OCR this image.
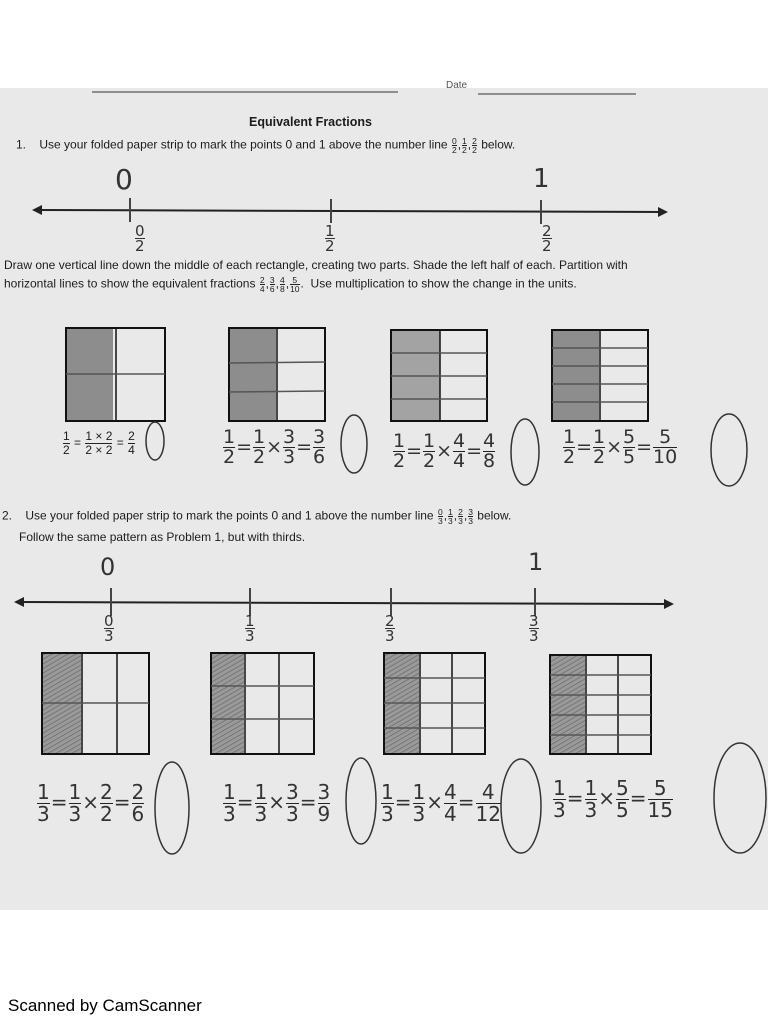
Date
Equivalent Fractions
1. Use your folded paper strip to mark the points 0 and 1 above the number line $\frac{0}{2}$ , $\frac{1}{2}$ , $\frac{2}{2}$ below.
Draw one vertical line down the middle of each rectangle, creating two parts. Shade the left half of each. Partition with
horizontal lines to show the equivalent fractions $\frac{2}{4}$ , $\frac{3}{6}$ , $\frac{4}{8}$ , $\frac{5}{10}$ .  Use multiplication to show the change in the units.
2. Use your folded paper strip to mark the points 0 and 1 above the number line $\frac{0}{3}$ , $\frac{1}{3}$ , $\frac{2}{3}$ , $\frac{3}{3}$ below.
Follow the same pattern as Problem 1, but with thirds.
0	1
0	1
0
2
1
2
2
2
0
3
1
3
2
3
3
3
$\frac{1}{2} = \frac{1 \times 2}{2 \times 2} = \frac{2}{4}$	$\frac{1}{2} = \frac{1}{2} \times \frac{3}{3} = \frac{3}{6}$	$\frac{1}{2} = \frac{1}{2} \times \frac{4}{4} = \frac{4}{8}$	$\frac{1}{2} = \frac{1}{2} \times \frac{5}{5} = \frac{5}{10}$
$\frac{1}{3} = \frac{1}{3} \times \frac{2}{2} = \frac{2}{6}$	$\frac{1}{3} = \frac{1}{3} \times \frac{3}{3} = \frac{3}{9}$	$\frac{1}{3} = \frac{1}{3} \times \frac{4}{4} = \frac{4}{12}$	$\frac{1}{3} = \frac{1}{3} \times \frac{5}{5} = \frac{5}{15}$
Scanned by CamScanner
